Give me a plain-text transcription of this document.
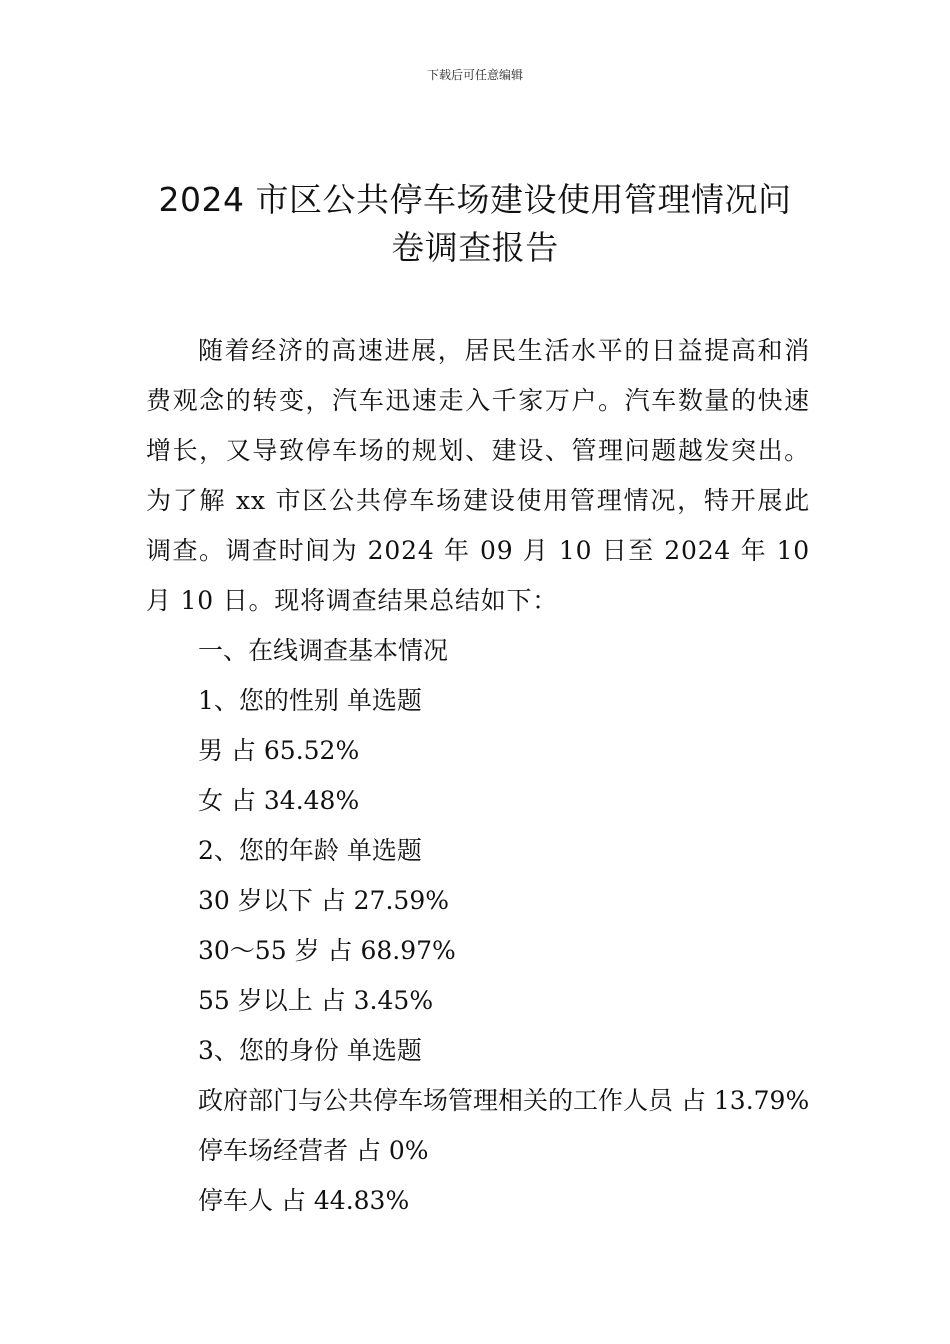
下载后可任意编辑
2024 市区公共停车场建设使用管理情况问
卷调查报告

随着经济的高速进展，居民生活水平的日益提高和消费观念的转变，汽车迅速走入千家万户。汽车数量的快速增长，又导致停车场的规划、建设、管理问题越发突出。为了解 xx 市区公共停车场建设使用管理情况，特开展此调查。调查时间为 2024 年 09 月 10 日至 2024 年 10 月 10 日。现将调查结果总结如下：

一、在线调查基本情况

1、您的性别 单选题

男 占 65.52%

女 占 34.48%

2、您的年龄 单选题

30 岁以下 占 27.59%

30～55 岁 占 68.97%

55 岁以上 占 3.45%

3、您的身份 单选题

政府部门与公共停车场管理相关的工作人员 占 13.79%

停车场经营者 占 0%

停车人 占 44.83%
